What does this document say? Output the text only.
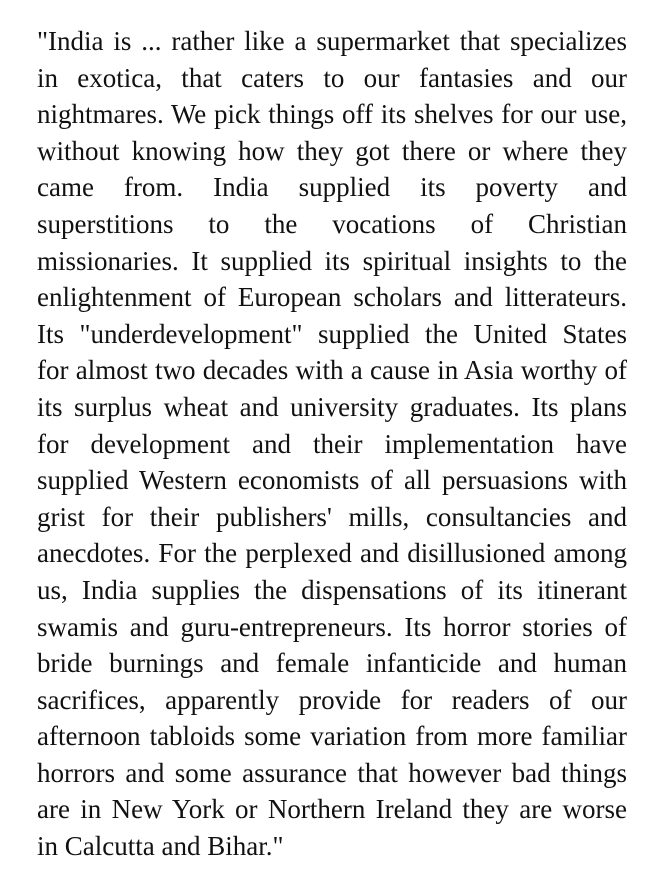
"India is ... rather like a supermarket that specializes
in exotica, that caters to our fantasies and our
nightmares. We pick things off its shelves for our use,
without knowing how they got there or where they
came from. India supplied its poverty and
superstitions to the vocations of Christian
missionaries. It supplied its spiritual insights to the
enlightenment of European scholars and litterateurs.
Its "underdevelopment" supplied the United States
for almost two decades with a cause in Asia worthy of
its surplus wheat and university graduates. Its plans
for development and their implementation have
supplied Western economists of all persuasions with
grist for their publishers' mills, consultancies and
anecdotes. For the perplexed and disillusioned among
us, India supplies the dispensations of its itinerant
swamis and guru-entrepreneurs. Its horror stories of
bride burnings and female infanticide and human
sacrifices, apparently provide for readers of our
afternoon tabloids some variation from more familiar
horrors and some assurance that however bad things
are in New York or Northern Ireland they are worse
in Calcutta and Bihar."
